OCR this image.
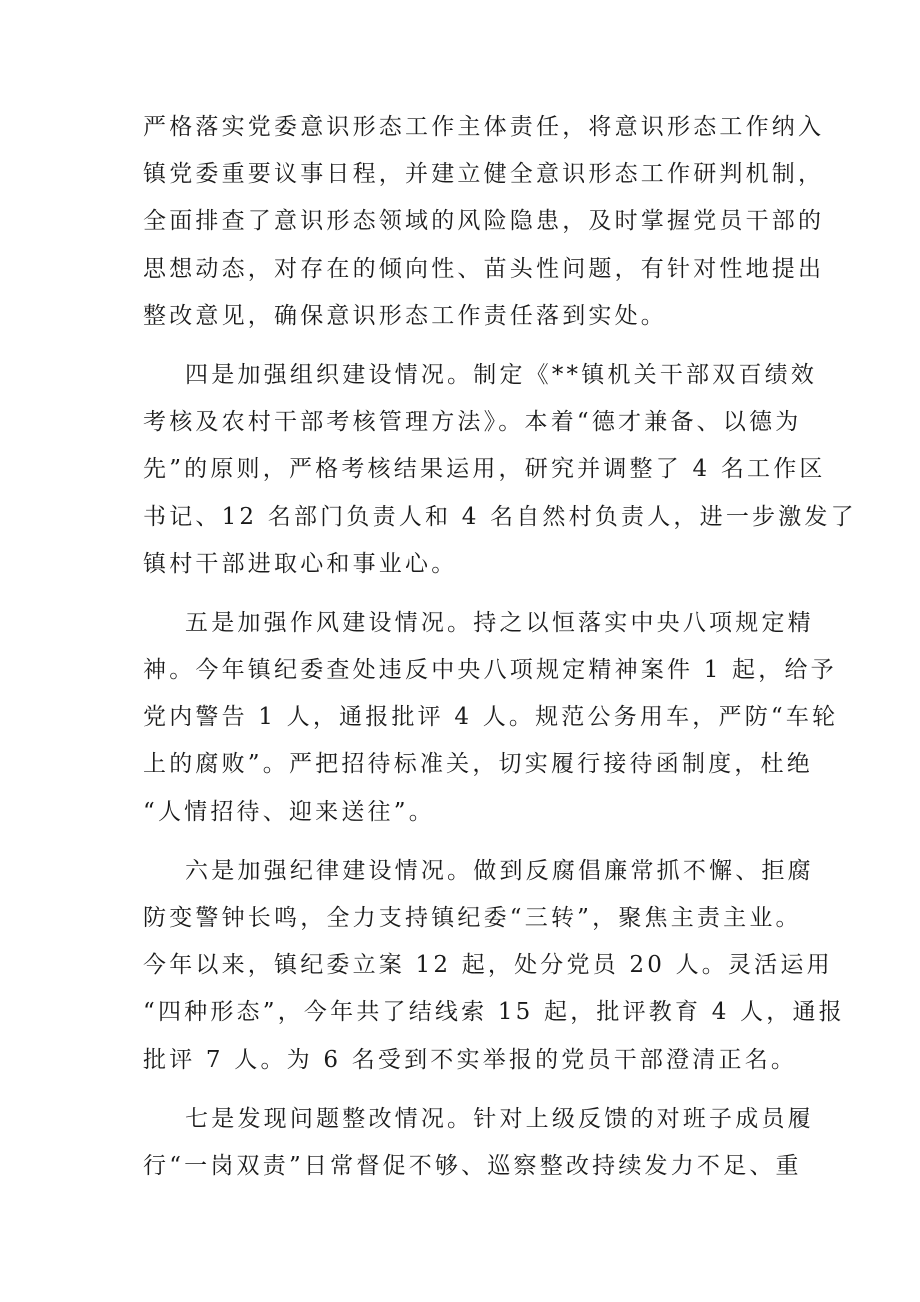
严格落实党委意识形态工作主体责任，将意识形态工作纳入
镇党委重要议事日程，并建立健全意识形态工作研判机制，
全面排查了意识形态领域的风险隐患，及时掌握党员干部的
思想动态，对存在的倾向性、苗头性问题，有针对性地提出
整改意见，确保意识形态工作责任落到实处。
四是加强组织建设情况。制定《**镇机关干部双百绩效
考核及农村干部考核管理方法》。本着“德才兼备、以德为
先”的原则，严格考核结果运用，研究并调整了 4 名工作区
书记、12 名部门负责人和 4 名自然村负责人，进一步激发了
镇村干部进取心和事业心。
五是加强作风建设情况。持之以恒落实中央八项规定精
神。今年镇纪委查处违反中央八项规定精神案件 1 起，给予
党内警告 1 人，通报批评 4 人。规范公务用车，严防“车轮
上的腐败”。严把招待标准关，切实履行接待函制度，杜绝
“人情招待、迎来送往”。
六是加强纪律建设情况。做到反腐倡廉常抓不懈、拒腐
防变警钟长鸣，全力支持镇纪委“三转”，聚焦主责主业。
今年以来，镇纪委立案 12 起，处分党员 20 人。灵活运用
“四种形态”，今年共了结线索 15 起，批评教育 4 人，通报
批评 7 人。为 6 名受到不实举报的党员干部澄清正名。
七是发现问题整改情况。针对上级反馈的对班子成员履
行“一岗双责”日常督促不够、巡察整改持续发力不足、重
